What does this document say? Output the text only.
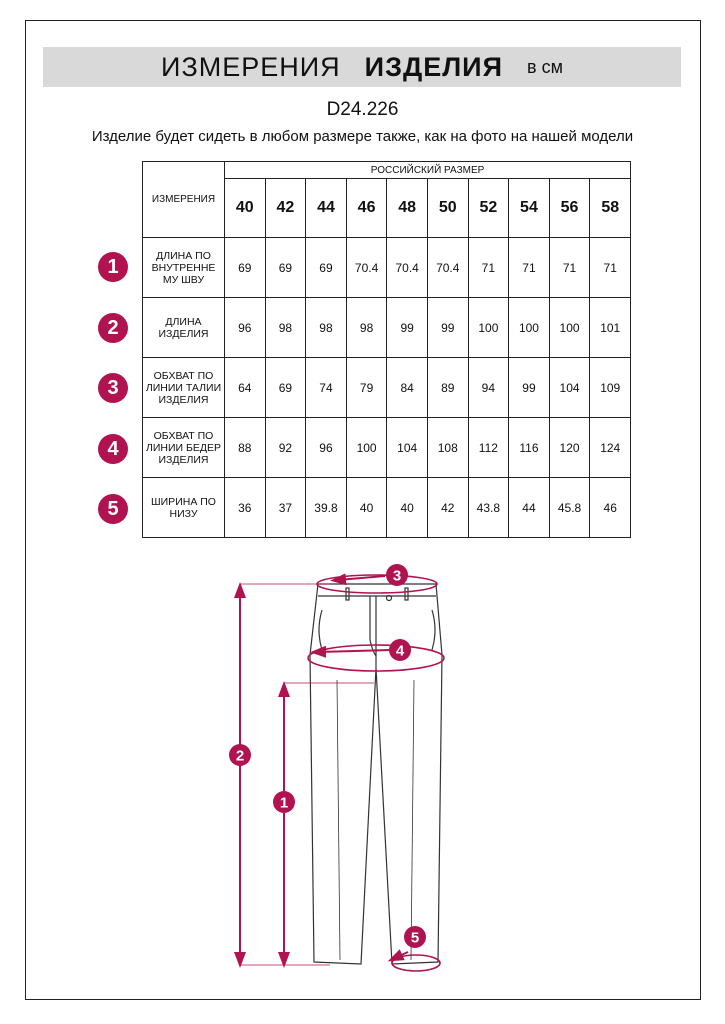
ИЗМЕРЕНИЯ ИЗДЕЛИЯ в см
D24.226
Изделие будет сидеть в любом размере также, как на фото на нашей модели
ИЗМЕРЕНИЯ	РОССИЙСКИЙ РАЗМЕР									
	40	42	44	46	48	50	52	54	56	58
ДЛИНА ПО ВНУТРЕННЕ МУ ШВУ	69	69	69	70.4	70.4	70.4	71	71	71	71
ДЛИНА ИЗДЕЛИЯ	96	98	98	98	99	99	100	100	100	101
ОБХВАТ ПО ЛИНИИ ТАЛИИ ИЗДЕЛИЯ	64	69	74	79	84	89	94	99	104	109
ОБХВАТ ПО ЛИНИИ БЕДЕР ИЗДЕЛИЯ	88	92	96	100	104	108	112	116	120	124
ШИРИНА ПО НИЗУ	36	37	39.8	40	40	42	43.8	44	45.8	46
1
2
3
4
5
3
4
2
1
5
